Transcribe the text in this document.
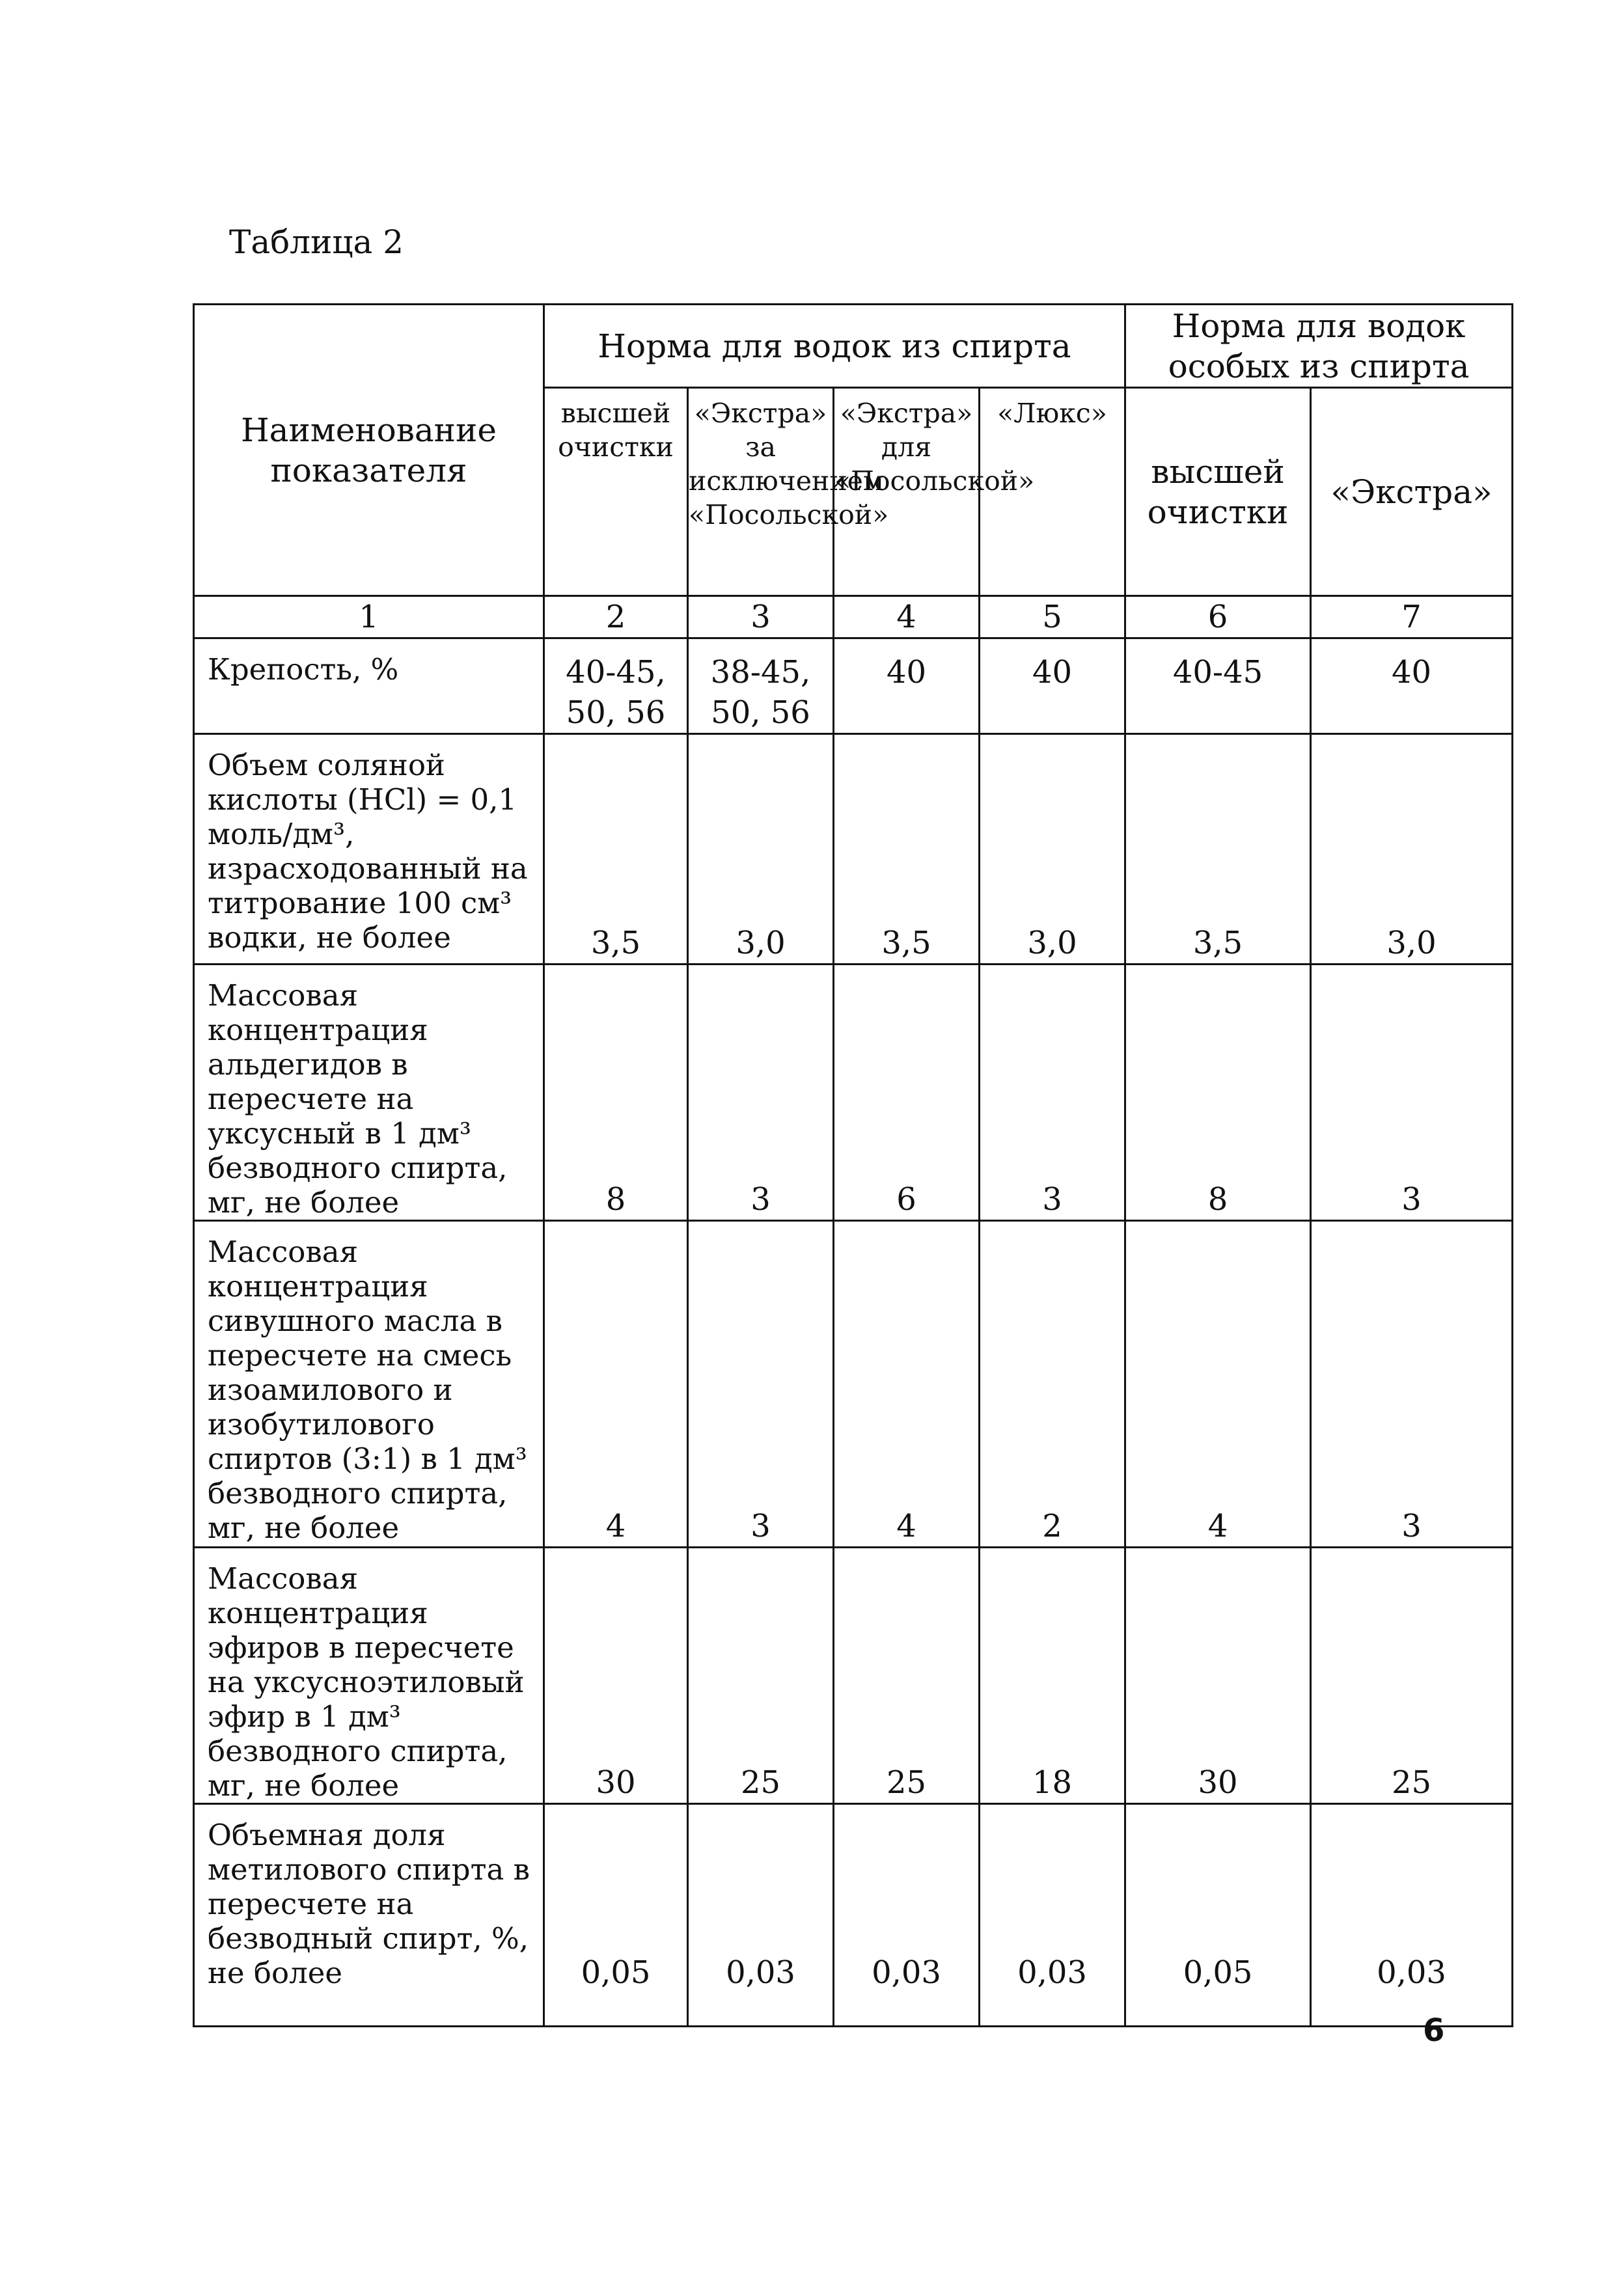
Таблица 2
Наименование показателя	Норма для водок из спирта				Норма для водок особых из спирта	
	высшей очистки	«Экстра» за исключением «Посольской»	«Экстра» для «Посольской»	«Люкс»	высшей очистки	«Экстра»
1	2	3	4	5	6	7
Крепость, %	40-45, 50, 56	38-45, 50, 56	40	40	40-45	40
Объем соляной кислоты (HCl) = 0,1 моль/дм³, израсходованный на титрование 100 см³ водки, не более	3,5	3,0	3,5	3,0	3,5	3,0
Массовая концентрация альдегидов в пересчете на уксусный в 1 дм³ безводного спирта, мг, не более	8	3	6	3	8	3
Массовая концентрация сивушного масла в пересчете на смесь изоамилового и изобутилового спиртов (3:1) в 1 дм³ безводного спирта, мг, не более	4	3	4	2	4	3
Массовая концентрация эфиров в пересчете на уксусноэтиловый эфир в 1 дм³ безводного спирта, мг, не более	30	25	25	18	30	25
Объемная доля метилового спирта в пересчете на безводный спирт, %, не более	0,05	0,03	0,03	0,03	0,05	0,03
6
